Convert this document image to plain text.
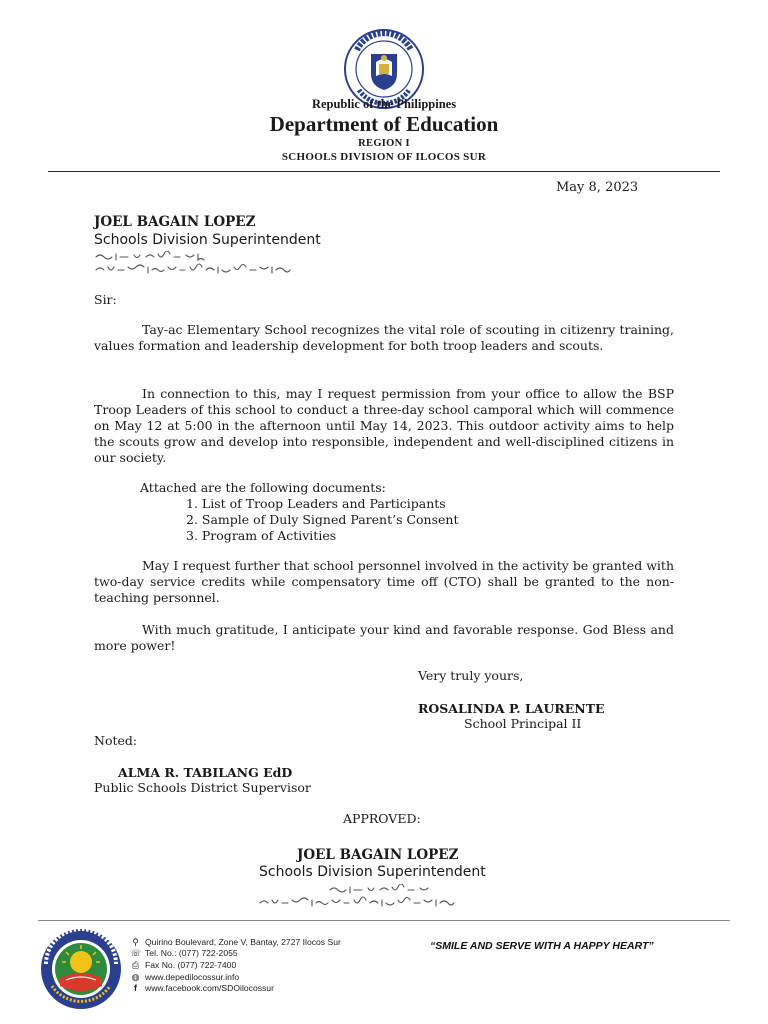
Republic of the Philippines
Department of Education
REGION I
SCHOOLS DIVISION OF ILOCOS SUR
May 8, 2023
JOEL BAGAIN LOPEZ
Schools Division Superintendent
Sir:

Tay-ac Elementary School recognizes the vital role of scouting in citizenry training, values formation and leadership development for both troop leaders and scouts.

In connection to this, may I request permission from your office to allow the BSP Troop Leaders of this school to conduct a three-day school camporal which will commence on May 12 at 5:00 in the afternoon until May 14, 2023. This outdoor activity aims to help the scouts grow and develop into responsible, independent and well-disciplined citizens in our society.

Attached are the following documents:
1. List of Troop Leaders and Participants
2. Sample of Duly Signed Parent’s Consent
3. Program of Activities

May I request further that school personnel involved in the activity be granted with two-day service credits while compensatory time off (CTO) shall be granted to the non-teaching personnel.

With much gratitude, I anticipate your kind and favorable response. God Bless and more power!

Very truly yours,
ROSALINDA P. LAURENTE
School Principal II
Noted:
ALMA R. TABILANG EdD
Public Schools District Supervisor
APPROVED:
JOEL BAGAIN LOPEZ
Schools Division Superintendent
⚲ Quirino Boulevard, Zone V, Bantay, 2727 Ilocos Sur
☏ Tel. No.: (077) 722-2055
⎙ Fax No. (077) 722-7400
◍ www.depedilocossur.info
f www.facebook.com/SDOilocossur
“SMILE AND SERVE WITH A HAPPY HEART”
